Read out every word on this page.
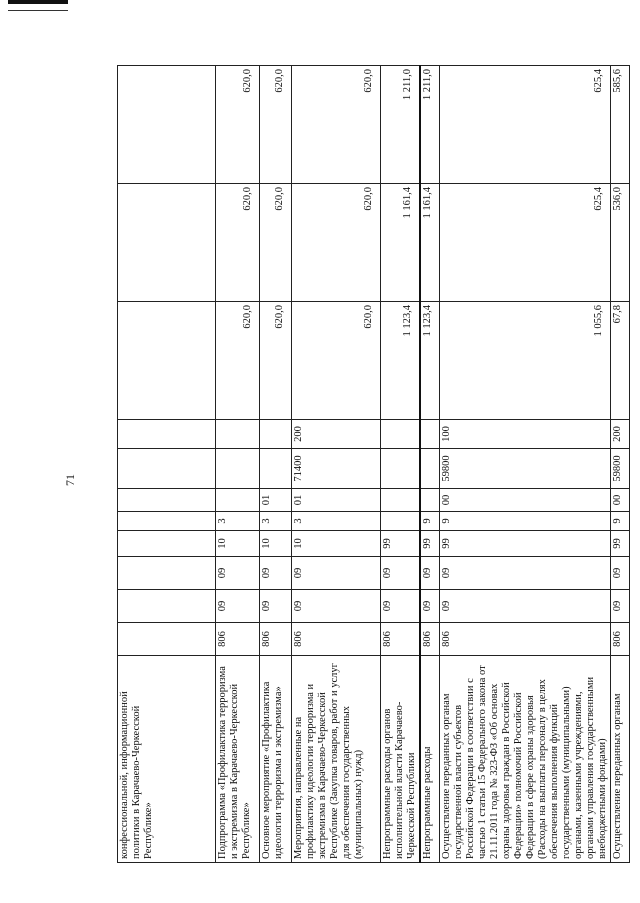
71
конфессиональной, информационной политики в Карачаево-Черкесской Республике»											
Подпрограмма «Профилактика терроризма и экстремизма в Карачаево-Черкесской Республике»	806	09	09	10	3				620,0	620,0	620,0
Основное мероприятие «Профилактика идеологии терроризма и экстремизма»	806	09	09	10	3	01			620,0	620,0	620,0
Мероприятия, направленные на профилактику идеологии терроризма и экстремизма в Карачаево-Черкесской Республике (Закупка товаров, работ и услуг для обеспечения государственных (муниципальных) нужд)	806	09	09	10	3	01	71400	200	620,0	620,0	620,0
Непрограммные расходы органов исполнительной власти Карачаево-Черкесской Республики	806	09	09	99					1 123,4	1 161,4	1 211,0
Непрограммные расходы	806	09	09	99	9				1 123,4	1 161,4	1 211,0
Осуществление переданных органам государственной власти субъектов Российской Федерации в соответствии с частью 1 статьи 15 Федерального закона от 21.11.2011 года № 323-ФЗ «Об основах охраны здоровья граждан в Российской Федерации» полномочий Российской Федерации в сфере охраны здоровья (Расходы на выплаты персоналу в целях обеспечения выполнения функций государственными (муниципальными) органами, казенными учреждениями, органами управления государственными внебюджетными фондами)	806	09	09	99	9	00	59800	100	1 055,6	625,4	625,4
Осуществление переданных органам	806	09	09	99	9	00	59800	200	67,8	536,0	585,6
